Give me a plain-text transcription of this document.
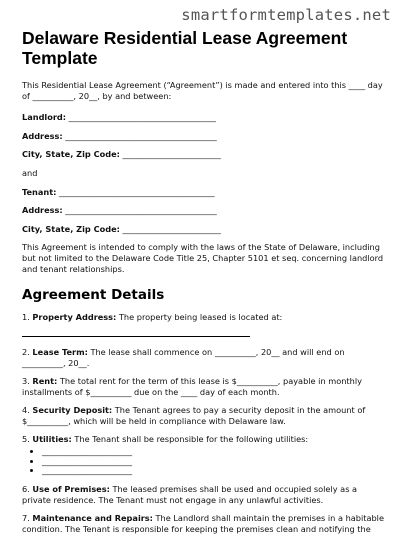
smartformtemplates.net
Delaware Residential Lease Agreement Template

This Residential Lease Agreement (“Agreement”) is made and entered into this ____ day of __________, 20__, by and between:

Landlord: ____________________________________
Address: _____________________________________
City, State, Zip Code: ________________________

and

Tenant: ______________________________________
Address: _____________________________________
City, State, Zip Code: ________________________

This Agreement is intended to comply with the laws of the State of Delaware, including but not limited to the Delaware Code Title 25, Chapter 5101 et seq. concerning landlord and tenant relationships.

Agreement Details

1. Property Address: The property being leased is located at:

2. Lease Term: The lease shall commence on __________, 20__ and will end on __________, 20__.

3. Rent: The total rent for the term of this lease is $__________, payable in monthly installments of $__________ due on the ____ day of each month.

4. Security Deposit: The Tenant agrees to pay a security deposit in the amount of $__________, which will be held in compliance with Delaware law.

5. Utilities: The Tenant shall be responsible for the following utilities:

• ______________________
• ______________________
• ______________________

6. Use of Premises: The leased premises shall be used and occupied solely as a private residence. The Tenant must not engage in any unlawful activities.

7. Maintenance and Repairs: The Landlord shall maintain the premises in a habitable condition. The Tenant is responsible for keeping the premises clean and notifying the
